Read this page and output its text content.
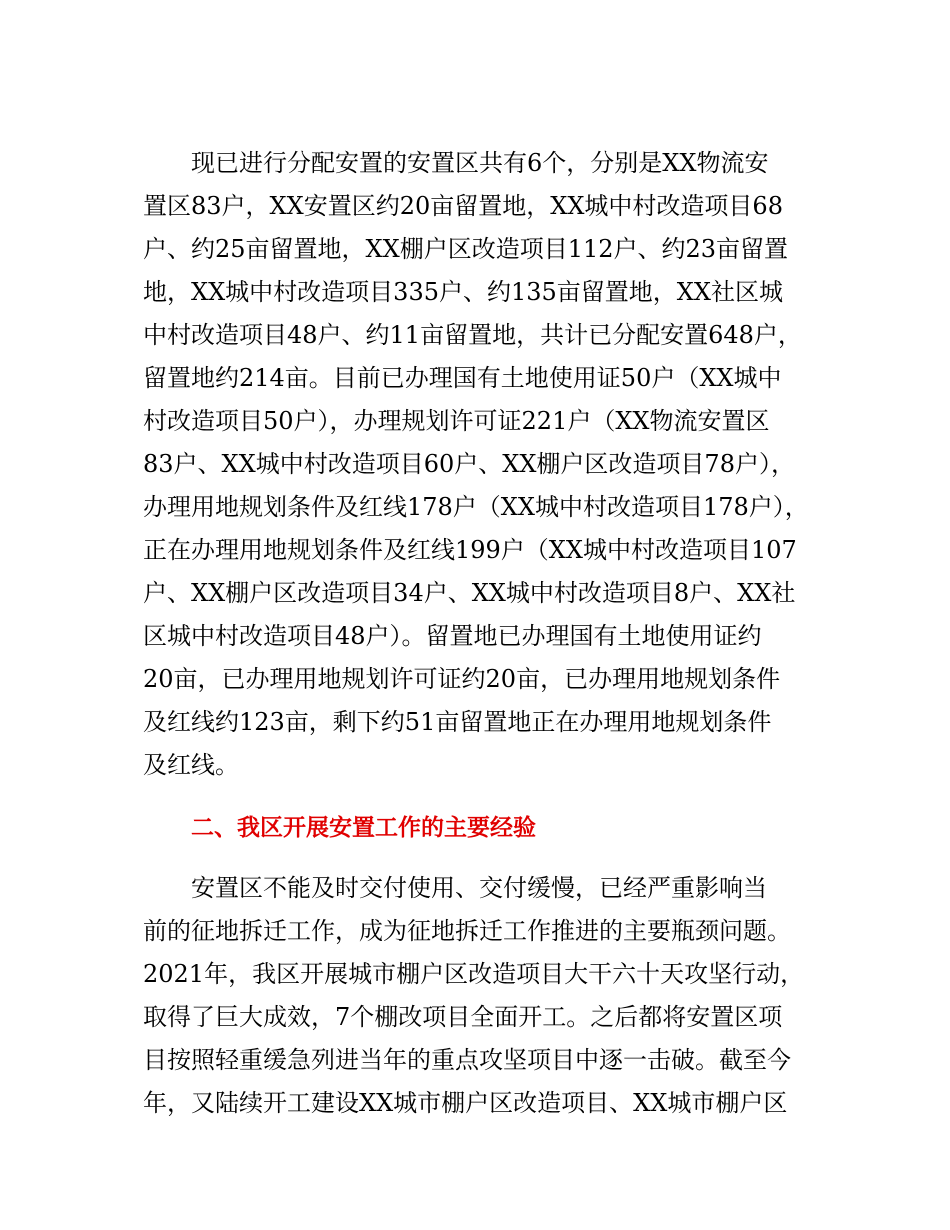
现已进行分配安置的安置区共有6个，分别是XX物流安

置区83户，XX安置区约20亩留置地，XX城中村改造项目68

户、约25亩留置地，XX棚户区改造项目112户、约23亩留置

地，XX城中村改造项目335户、约135亩留置地，XX社区城

中村改造项目48户、约11亩留置地，共计已分配安置648户，

留置地约214亩。目前已办理国有土地使用证50户（XX城中

村改造项目50户），办理规划许可证221户（XX物流安置区

83户、XX城中村改造项目60户、XX棚户区改造项目78户），

办理用地规划条件及红线178户（XX城中村改造项目178户），

正在办理用地规划条件及红线199户（XX城中村改造项目107

户、XX棚户区改造项目34户、XX城中村改造项目8户、XX社

区城中村改造项目48户）。留置地已办理国有土地使用证约

20亩，已办理用地规划许可证约20亩，已办理用地规划条件

及红线约123亩，剩下约51亩留置地正在办理用地规划条件

及红线。

二、我区开展安置工作的主要经验

安置区不能及时交付使用、交付缓慢，已经严重影响当

前的征地拆迁工作，成为征地拆迁工作推进的主要瓶颈问题。

2021年，我区开展城市棚户区改造项目大干六十天攻坚行动，

取得了巨大成效，7个棚改项目全面开工。之后都将安置区项

目按照轻重缓急列进当年的重点攻坚项目中逐一击破。截至今

年，又陆续开工建设XX城市棚户区改造项目、XX城市棚户区
